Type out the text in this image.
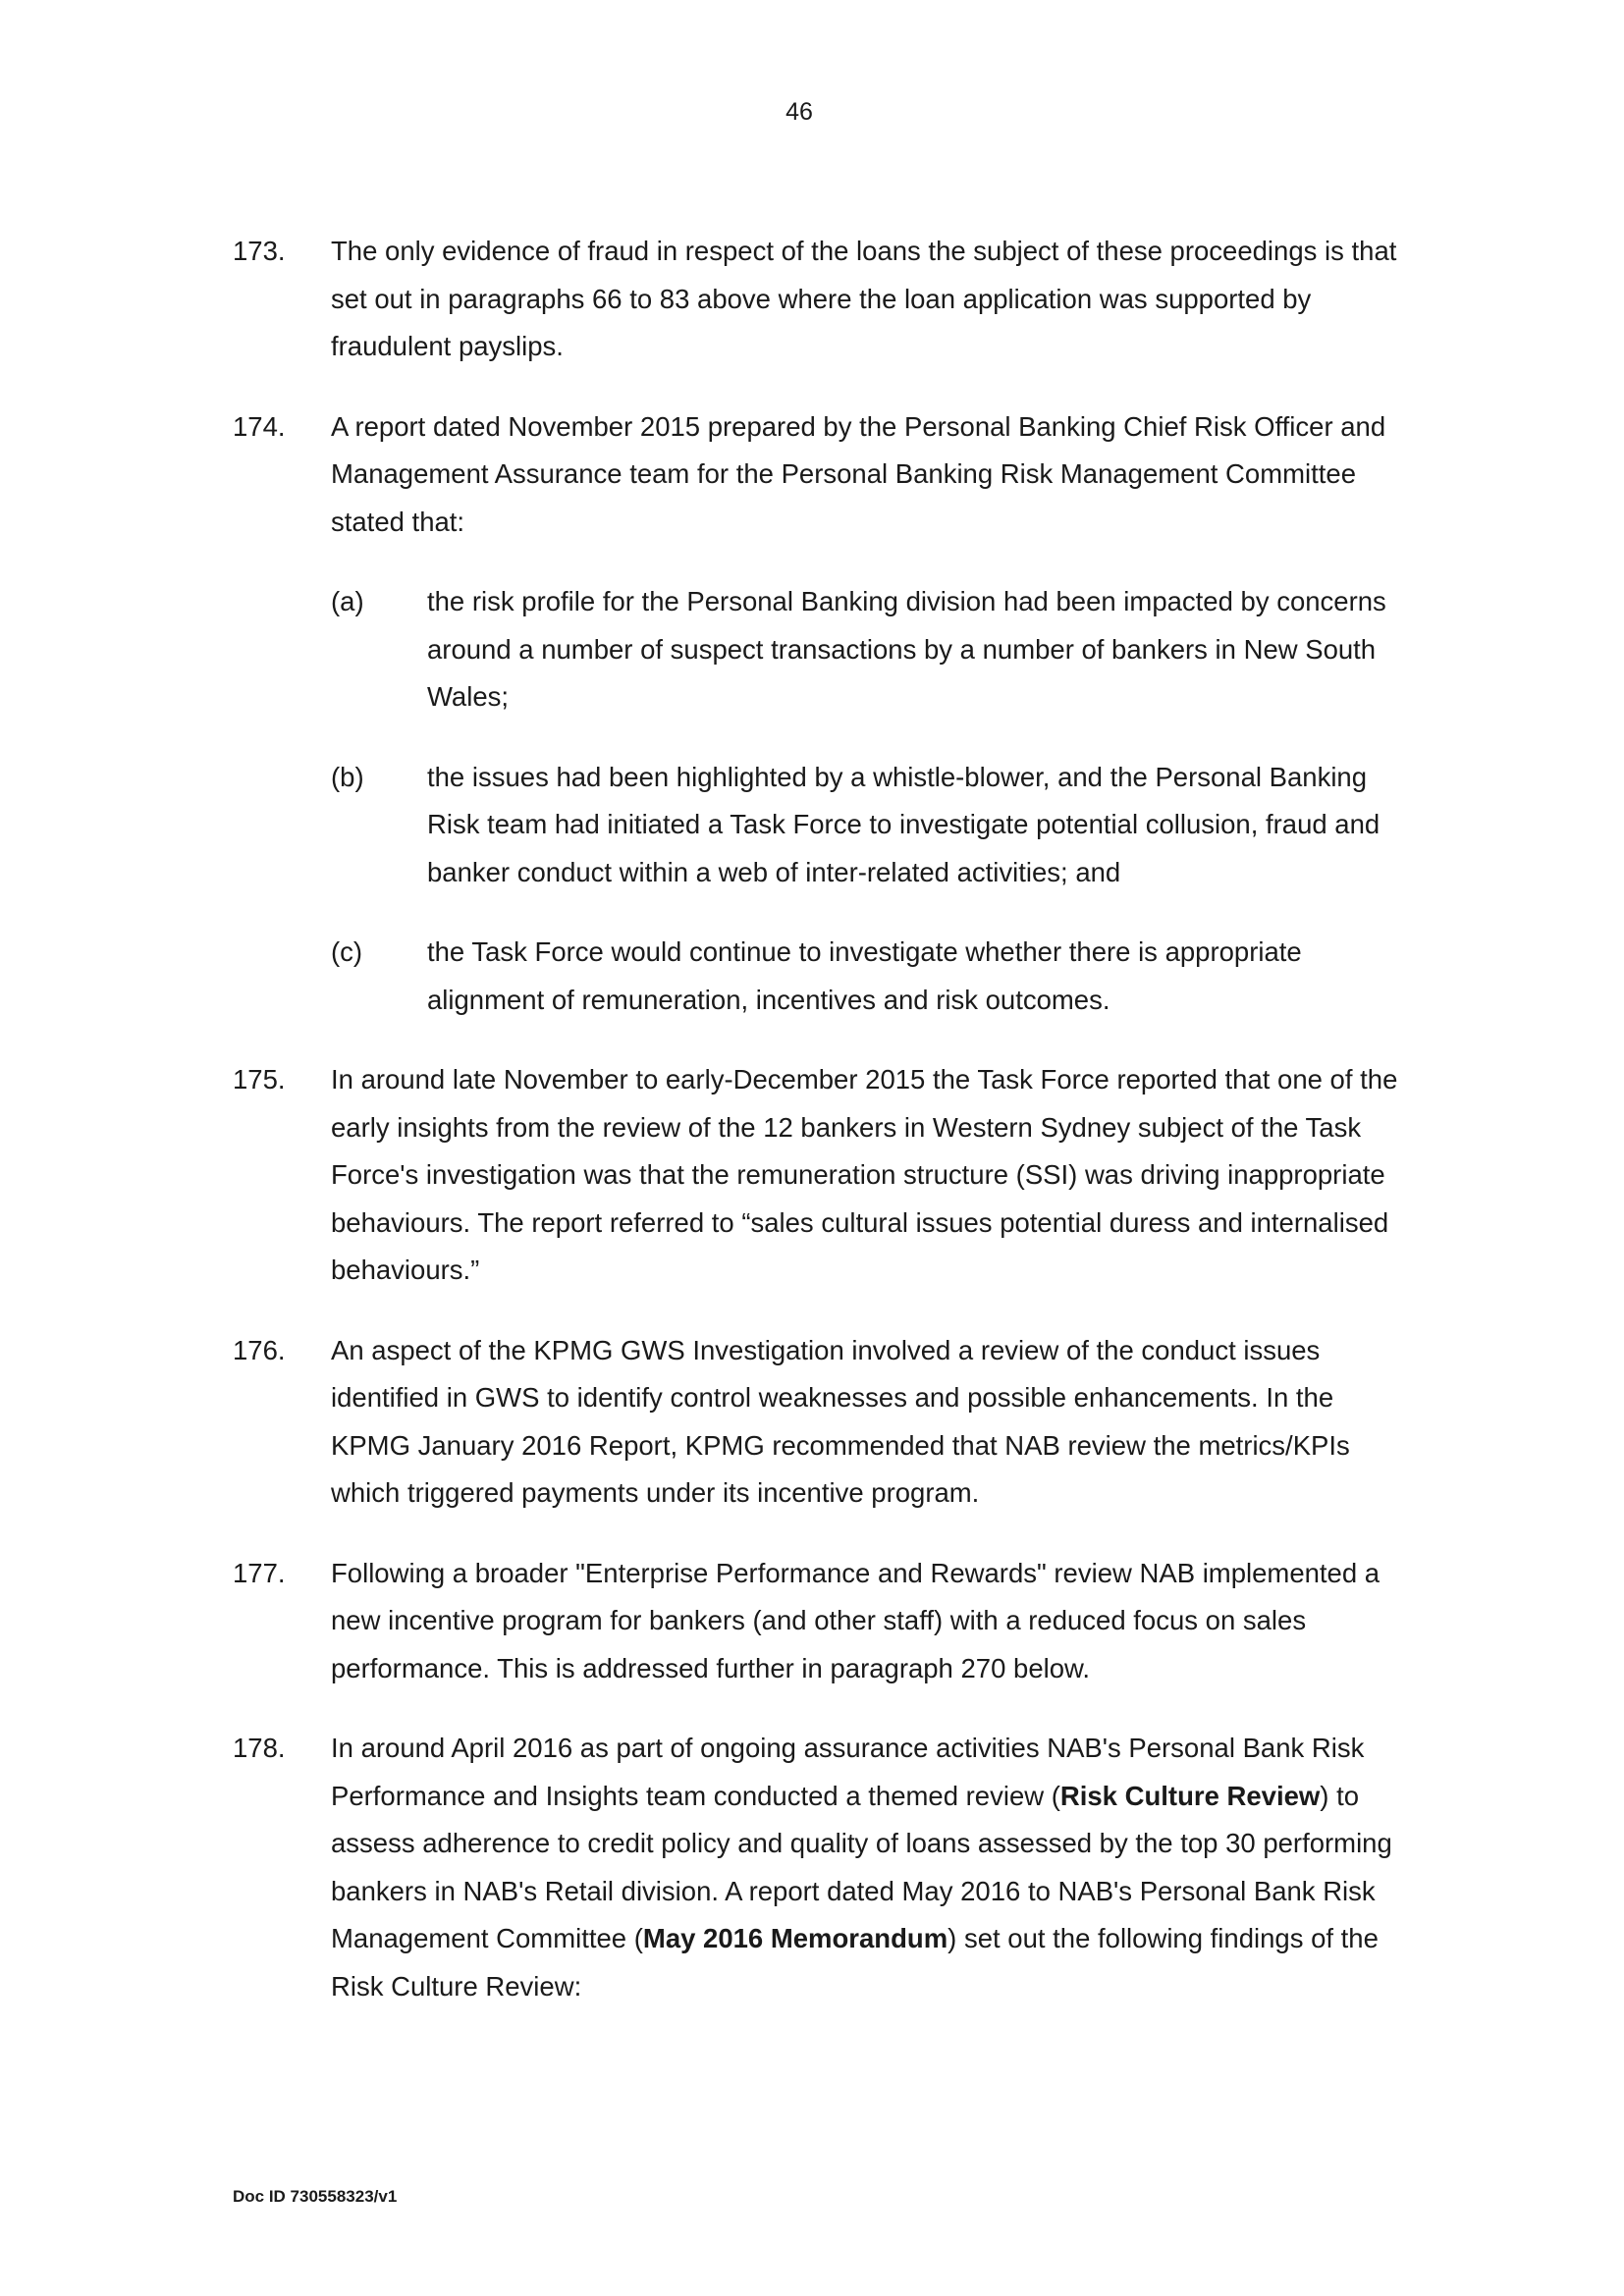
46
173. The only evidence of fraud in respect of the loans the subject of these proceedings is that set out in paragraphs 66 to 83 above where the loan application was supported by fraudulent payslips.
174. A report dated November 2015 prepared by the Personal Banking Chief Risk Officer and Management Assurance team for the Personal Banking Risk Management Committee stated that:
(a) the risk profile for the Personal Banking division had been impacted by concerns around a number of suspect transactions by a number of bankers in New South Wales;
(b) the issues had been highlighted by a whistle-blower, and the Personal Banking Risk team had initiated a Task Force to investigate potential collusion, fraud and banker conduct within a web of inter-related activities; and
(c) the Task Force would continue to investigate whether there is appropriate alignment of remuneration, incentives and risk outcomes.
175. In around late November to early-December 2015 the Task Force reported that one of the early insights from the review of the 12 bankers in Western Sydney subject of the Task Force's investigation was that the remuneration structure (SSI) was driving inappropriate behaviours. The report referred to “sales cultural issues potential duress and internalised behaviours.”
176. An aspect of the KPMG GWS Investigation involved a review of the conduct issues identified in GWS to identify control weaknesses and possible enhancements. In the KPMG January 2016 Report, KPMG recommended that NAB review the metrics/KPIs which triggered payments under its incentive program.
177. Following a broader "Enterprise Performance and Rewards" review NAB implemented a new incentive program for bankers (and other staff) with a reduced focus on sales performance. This is addressed further in paragraph 270 below.
178. In around April 2016 as part of ongoing assurance activities NAB's Personal Bank Risk Performance and Insights team conducted a themed review (Risk Culture Review) to assess adherence to credit policy and quality of loans assessed by the top 30 performing bankers in NAB's Retail division. A report dated May 2016 to NAB's Personal Bank Risk Management Committee (May 2016 Memorandum) set out the following findings of the Risk Culture Review:
Doc ID 730558323/v1
